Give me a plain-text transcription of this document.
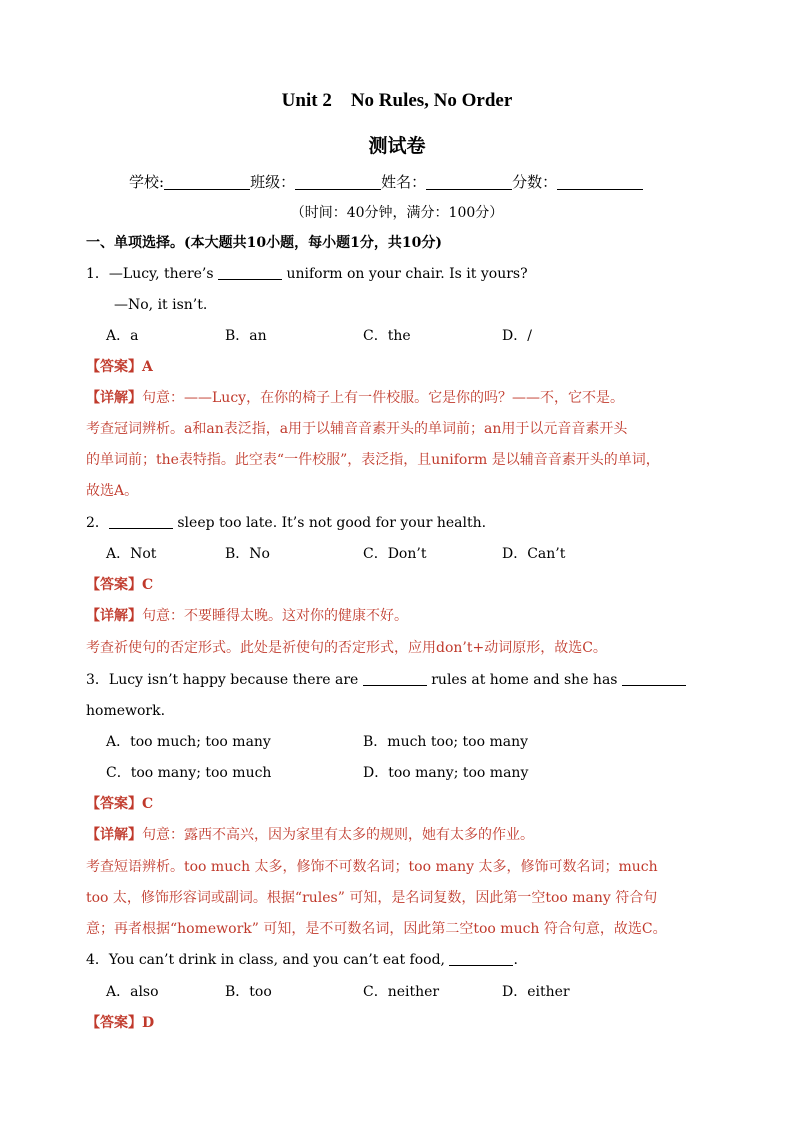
Unit 2    No Rules, No Order
测试卷
学校:	班级：	姓名：	分数：
（时间：40分钟，满分：100分）
一、单项选择。(本大题共10小题，每小题1分，共10分)
1．—Lucy, there’s	uniform on your chair. Is it yours?
—No, it isn’t.
A．a	B．an	C．the	D．/
【答案】A
【详解】句意：——Lucy，在你的椅子上有一件校服。它是你的吗？——不，它不是。
考查冠词辨析。a和an表泛指，a用于以辅音音素开头的单词前；an用于以元音音素开头
的单词前；the表特指。此空表“一件校服”，表泛指，且uniform 是以辅音音素开头的单词，
故选A。
2．	sleep too late. It’s not good for your health.
A．Not	B．No	C．Don’t	D．Can’t
【答案】C
【详解】句意：不要睡得太晚。这对你的健康不好。
考查祈使句的否定形式。此处是祈使句的否定形式，应用don’t+动词原形，故选C。
3．Lucy isn’t happy because there are	rules at home and she has
homework.
A．too much; too many	B．much too; too many
C．too many; too much	D．too many; too many
【答案】C
【详解】句意：露西不高兴，因为家里有太多的规则，她有太多的作业。
考查短语辨析。too much 太多，修饰不可数名词；too many 太多，修饰可数名词；much
too 太，修饰形容词或副词。根据“rules” 可知，是名词复数，因此第一空too many 符合句
意；再者根据“homework” 可知，是不可数名词，因此第二空too much 符合句意，故选C。
4．You can’t drink in class, and you can’t eat food,	.
A．also	B．too	C．neither	D．either
【答案】D
